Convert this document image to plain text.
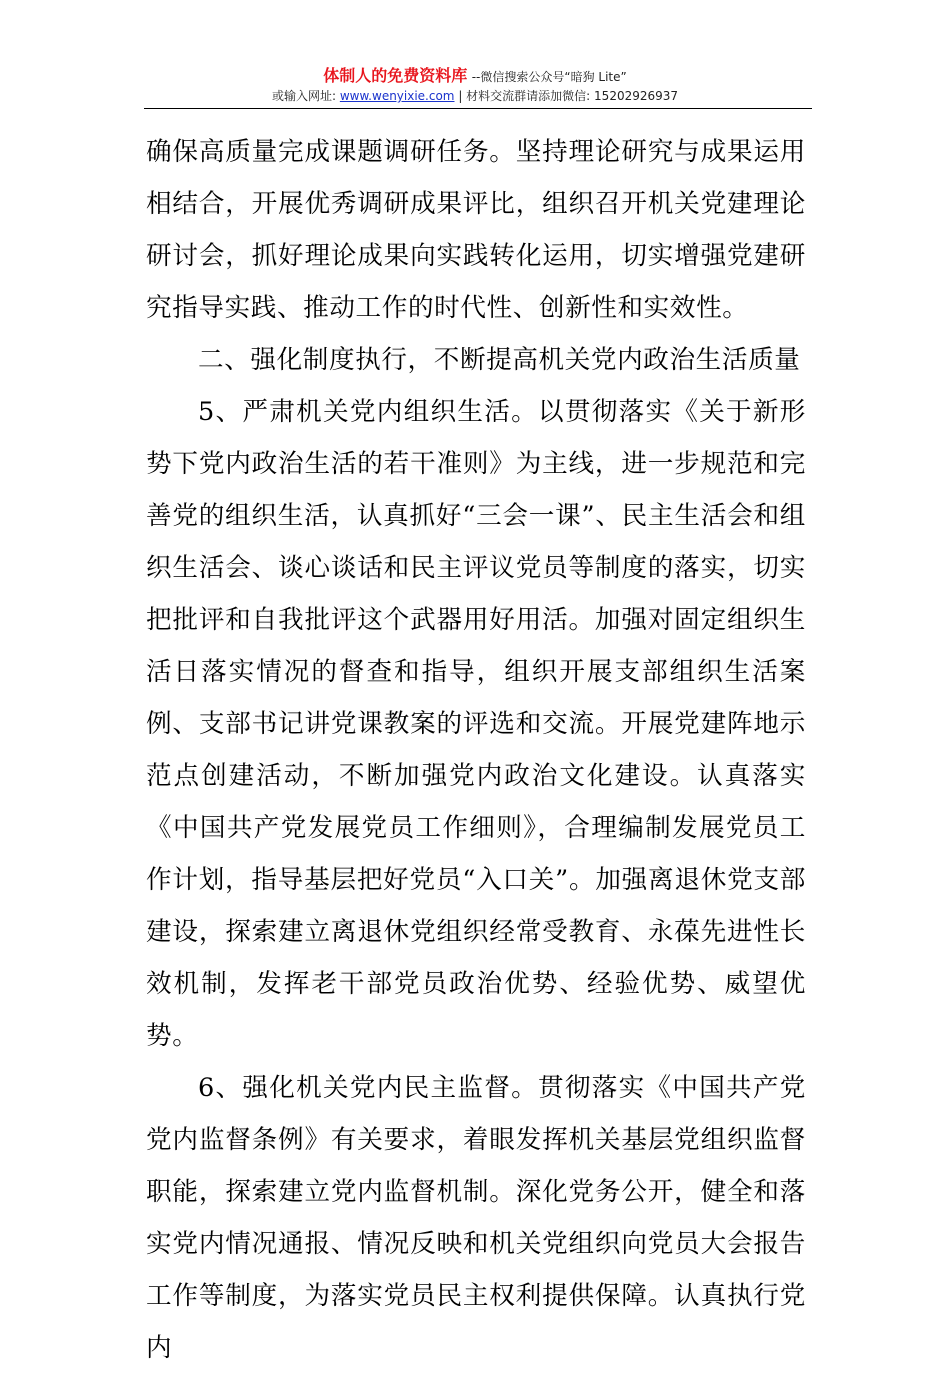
体制人的免费资料库 --微信搜索公众号“暗狗 Lite”
或输入网址: www.wenyixie.com | 材料交流群请添加微信: 15202926937

确保高质量完成课题调研任务。坚持理论研究与成果运用相结合，开展优秀调研成果评比，组织召开机关党建理论研讨会，抓好理论成果向实践转化运用，切实增强党建研究指导实践、推动工作的时代性、创新性和实效性。

二、强化制度执行，不断提高机关党内政治生活质量

5、严肃机关党内组织生活。以贯彻落实《关于新形势下党内政治生活的若干准则》为主线，进一步规范和完善党的组织生活，认真抓好“三会一课”、民主生活会和组织生活会、谈心谈话和民主评议党员等制度的落实，切实把批评和自我批评这个武器用好用活。加强对固定组织生活日落实情况的督查和指导，组织开展支部组织生活案例、支部书记讲党课教案的评选和交流。开展党建阵地示范点创建活动，不断加强党内政治文化建设。认真落实《中国共产党发展党员工作细则》，合理编制发展党员工作计划，指导基层把好党员“入口关”。加强离退休党支部建设，探索建立离退休党组织经常受教育、永葆先进性长效机制，发挥老干部党员政治优势、经验优势、威望优势。

6、强化机关党内民主监督。贯彻落实《中国共产党党内监督条例》有关要求，着眼发挥机关基层党组织监督职能，探索建立党内监督机制。深化党务公开，健全和落实党内情况通报、情况反映和机关党组织向党员大会报告工作等制度，为落实党员民主权利提供保障。认真执行党内
